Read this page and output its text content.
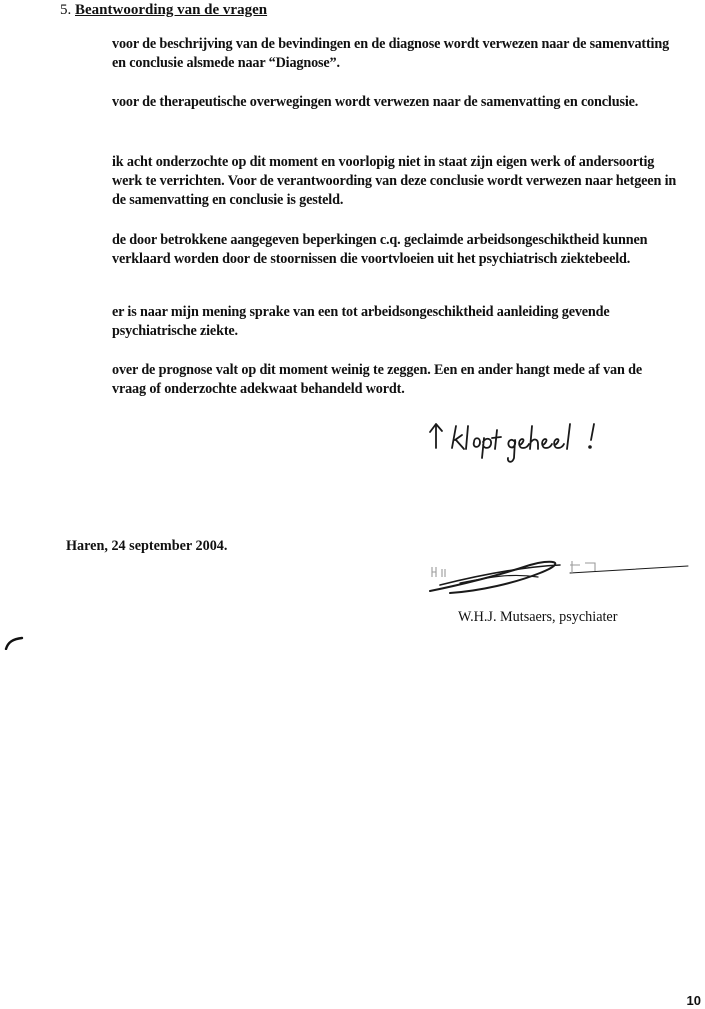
5. Beantwoording van de vragen
voor de beschrijving van de bevindingen en de diagnose wordt verwezen naar de samenvatting en conclusie alsmede naar “Diagnose”.
voor de therapeutische overwegingen wordt verwezen naar de samenvatting en conclusie.
ik acht onderzochte op dit moment en voorlopig niet in staat zijn eigen werk of andersoortig werk te verrichten. Voor de verantwoording van deze conclusie wordt verwezen naar hetgeen in de samenvatting en conclusie is gesteld.
de door betrokkene aangegeven beperkingen c.q. geclaimde arbeidsongeschiktheid kunnen verklaard worden door de stoornissen die voortvloeien uit het psychiatrisch ziektebeeld.
er is naar mijn mening sprake van een tot arbeidsongeschiktheid aanleiding gevende psychiatrische ziekte.
over de prognose valt op dit moment weinig te zeggen. Een en ander hangt mede af van de vraag of onderzochte adekwaat behandeld wordt.
Haren, 24 september 2004.
W.H.J. Mutsaers, psychiater
10
